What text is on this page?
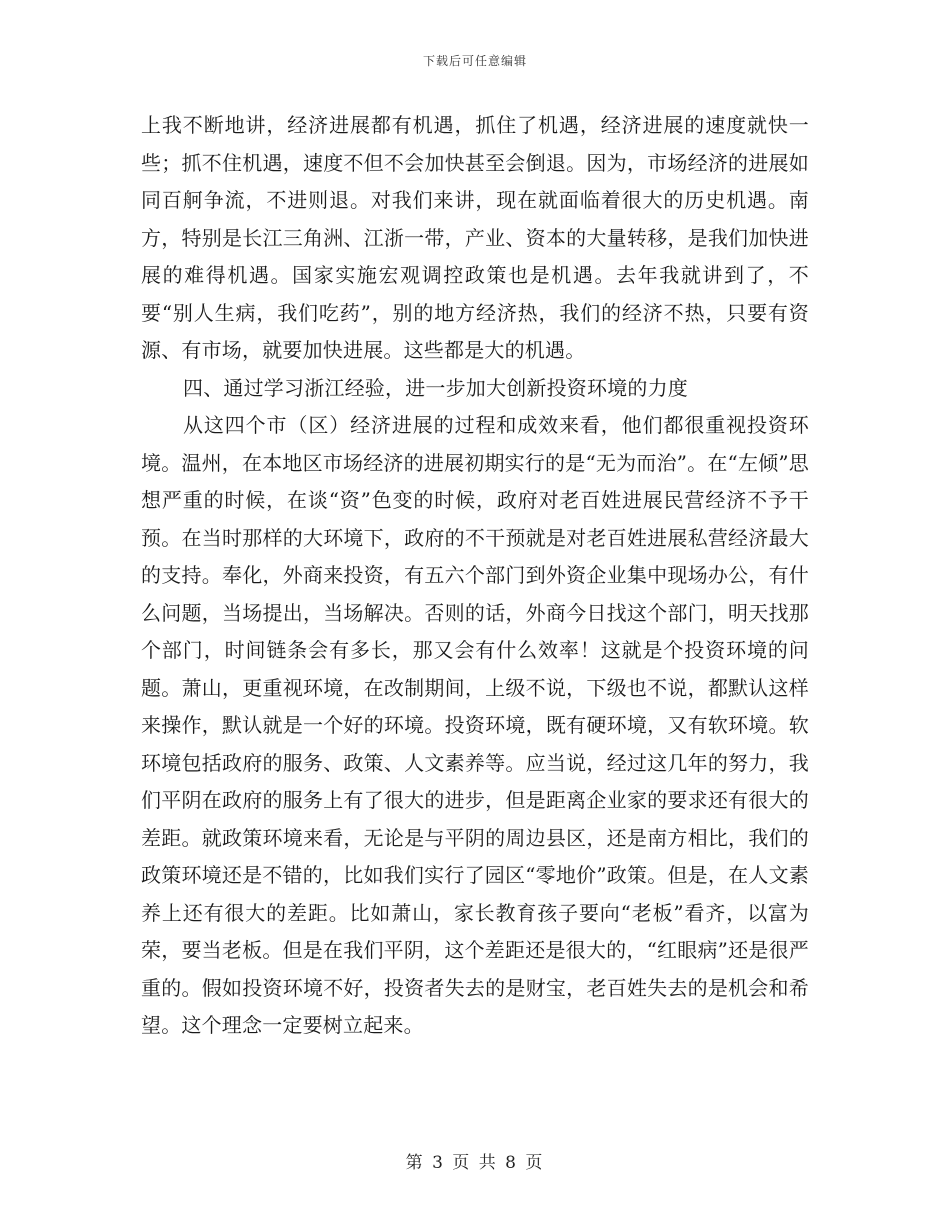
下载后可任意编辑

上我不断地讲，经济进展都有机遇，抓住了机遇，经济进展的速度就快一些；抓不住机遇，速度不但不会加快甚至会倒退。因为，市场经济的进展如同百舸争流，不进则退。对我们来讲，现在就面临着很大的历史机遇。南方，特别是长江三角洲、江浙一带，产业、资本的大量转移，是我们加快进展的难得机遇。国家实施宏观调控政策也是机遇。去年我就讲到了，不要“别人生病，我们吃药”，别的地方经济热，我们的经济不热，只要有资源、有市场，就要加快进展。这些都是大的机遇。

四、通过学习浙江经验，进一步加大创新投资环境的力度

从这四个市（区）经济进展的过程和成效来看，他们都很重视投资环境。温州，在本地区市场经济的进展初期实行的是“无为而治”。在“左倾”思想严重的时候，在谈“资”色变的时候，政府对老百姓进展民营经济不予干预。在当时那样的大环境下，政府的不干预就是对老百姓进展私营经济最大的支持。奉化，外商来投资，有五六个部门到外资企业集中现场办公，有什么问题，当场提出，当场解决。否则的话，外商今日找这个部门，明天找那个部门，时间链条会有多长，那又会有什么效率！这就是个投资环境的问题。萧山，更重视环境，在改制期间，上级不说，下级也不说，都默认这样来操作，默认就是一个好的环境。投资环境，既有硬环境，又有软环境。软环境包括政府的服务、政策、人文素养等。应当说，经过这几年的努力，我们平阴在政府的服务上有了很大的进步，但是距离企业家的要求还有很大的差距。就政策环境来看，无论是与平阴的周边县区，还是南方相比，我们的政策环境还是不错的，比如我们实行了园区“零地价”政策。但是，在人文素养上还有很大的差距。比如萧山，家长教育孩子要向“老板”看齐，以富为荣，要当老板。但是在我们平阴，这个差距还是很大的，“红眼病”还是很严重的。假如投资环境不好，投资者失去的是财宝，老百姓失去的是机会和希望。这个理念一定要树立起来。

第 3 页 共 8 页
